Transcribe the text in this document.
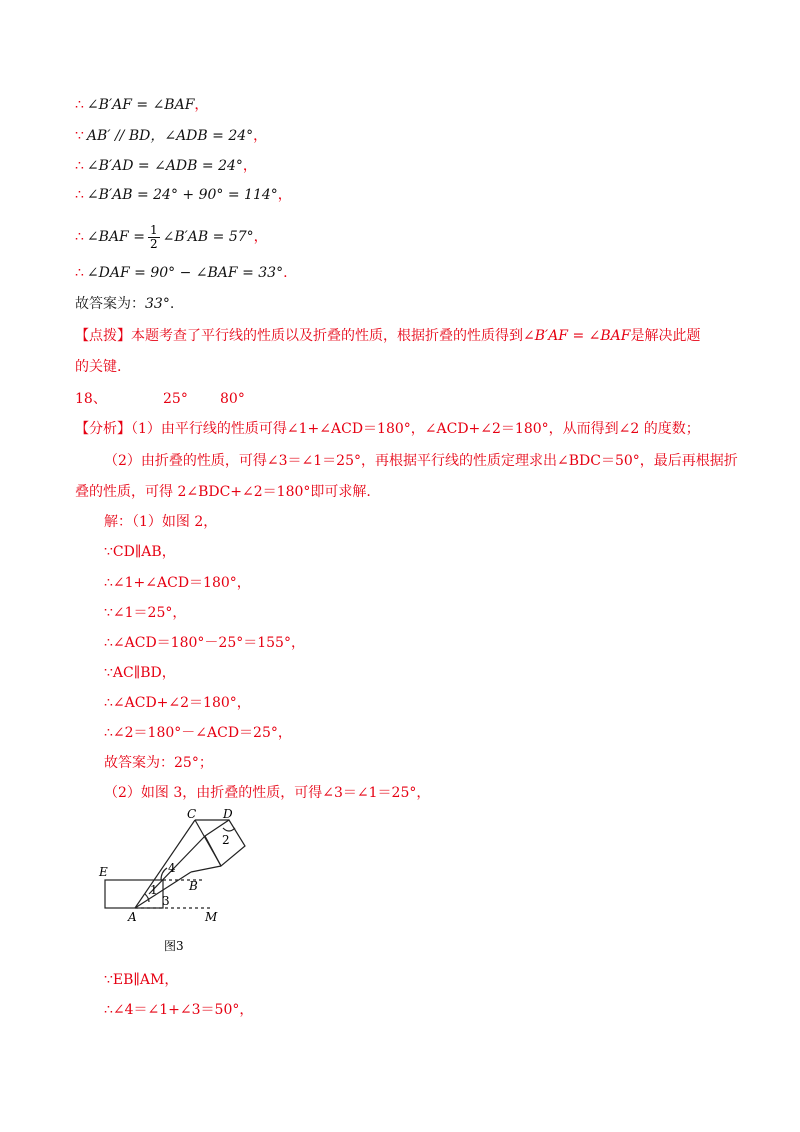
∴ ∠B′AF = ∠BAF，
∵ AB′ // BD，∠ADB = 24°，
∴ ∠B′AD = ∠ADB = 24°，
∴ ∠B′AB = 24° + 90° = 114°，
∴ ∠BAF = $\frac{1}{2}$ ∠B′AB = 57°，
∴ ∠DAF = 90° − ∠BAF = 33°.
故答案为：33°.
【点拨】本题考查了平行线的性质以及折叠的性质，根据折叠的性质得到∠B′AF = ∠BAF是解决此题
的关键.
18、	25° 80°
【分析】（1）由平行线的性质可得∠1+∠ACD＝180°，∠ACD+∠2＝180°，从而得到∠2 的度数；
（2）由折叠的性质，可得∠3＝∠1＝25°，再根据平行线的性质定理求出∠BDC＝50°，最后再根据折
叠的性质，可得 2∠BDC+∠2＝180°即可求解.
解：（1）如图 2，
∵CD∥AB，
∴∠1+∠ACD＝180°，
∵∠1＝25°，
∴∠ACD＝180°－25°＝155°，
∵AC∥BD，
∴∠ACD+∠2＝180°，
∴∠2＝180°－∠ACD＝25°，
故答案为：25°；
（2）如图 3，由折叠的性质，可得∠3＝∠1＝25°，
C D
2
4
E
1	B
3
A	M
图3
∵EB∥AM，
∴∠4＝∠1+∠3＝50°，
